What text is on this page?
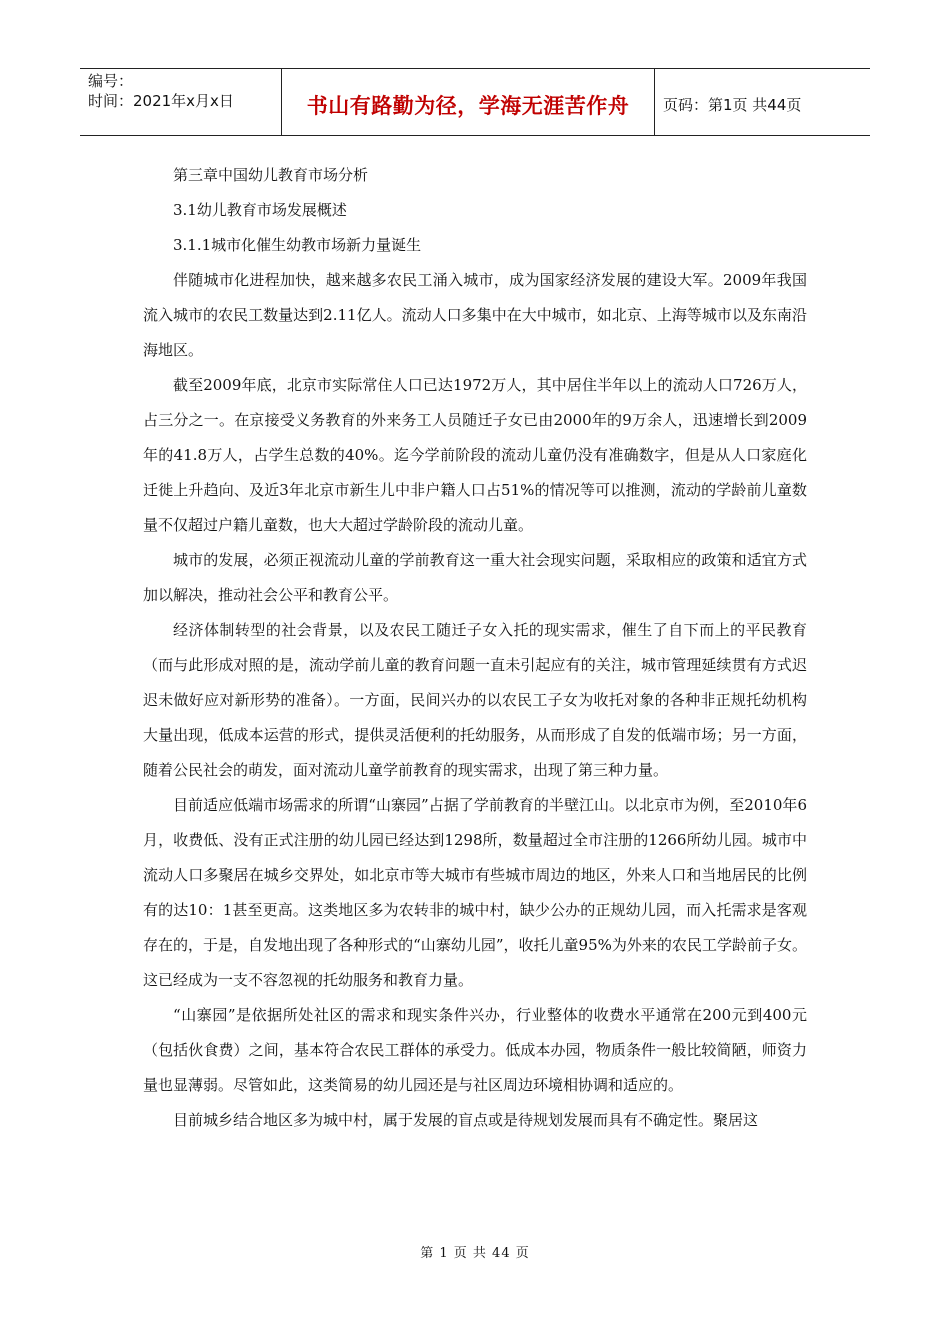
编号：
时间：2021年x月x日	书山有路勤为径，学海无涯苦作舟 页码：第1页 共44页

第三章中国幼儿教育市场分析

3.1幼儿教育市场发展概述

3.1.1城市化催生幼教市场新力量诞生

伴随城市化进程加快，越来越多农民工涌入城市，成为国家经济发展的建设大军。2009年我国流入城市的农民工数量达到2.11亿人。流动人口多集中在大中城市，如北京、上海等城市以及东南沿海地区。

截至2009年底，北京市实际常住人口已达1972万人，其中居住半年以上的流动人口726万人，占三分之一。在京接受义务教育的外来务工人员随迁子女已由2000年的9万余人，迅速增长到2009年的41.8万人，占学生总数的40%。迄今学前阶段的流动儿童仍没有准确数字，但是从人口家庭化迁徙上升趋向、及近3年北京市新生儿中非户籍人口占51%的情况等可以推测，流动的学龄前儿童数量不仅超过户籍儿童数，也大大超过学龄阶段的流动儿童。

城市的发展，必须正视流动儿童的学前教育这一重大社会现实问题，采取相应的政策和适宜方式加以解决，推动社会公平和教育公平。

经济体制转型的社会背景，以及农民工随迁子女入托的现实需求，催生了自下而上的平民教育（而与此形成对照的是，流动学前儿童的教育问题一直未引起应有的关注，城市管理延续贯有方式迟迟未做好应对新形势的准备）。一方面，民间兴办的以农民工子女为收托对象的各种非正规托幼机构大量出现，低成本运营的形式，提供灵活便利的托幼服务，从而形成了自发的低端市场；另一方面，随着公民社会的萌发，面对流动儿童学前教育的现实需求，出现了第三种力量。

目前适应低端市场需求的所谓“山寨园”占据了学前教育的半壁江山。以北京市为例，至2010年6月，收费低、没有正式注册的幼儿园已经达到1298所，数量超过全市注册的1266所幼儿园。城市中流动人口多聚居在城乡交界处，如北京市等大城市有些城市周边的地区，外来人口和当地居民的比例有的达10：1甚至更高。这类地区多为农转非的城中村，缺少公办的正规幼儿园，而入托需求是客观存在的，于是，自发地出现了各种形式的“山寨幼儿园”，收托儿童95%为外来的农民工学龄前子女。这已经成为一支不容忽视的托幼服务和教育力量。

“山寨园”是依据所处社区的需求和现实条件兴办，行业整体的收费水平通常在200元到400元（包括伙食费）之间，基本符合农民工群体的承受力。低成本办园，物质条件一般比较简陋，师资力量也显薄弱。尽管如此，这类简易的幼儿园还是与社区周边环境相协调和适应的。

目前城乡结合地区多为城中村，属于发展的盲点或是待规划发展而具有不确定性。聚居这

第 1 页 共 44 页
